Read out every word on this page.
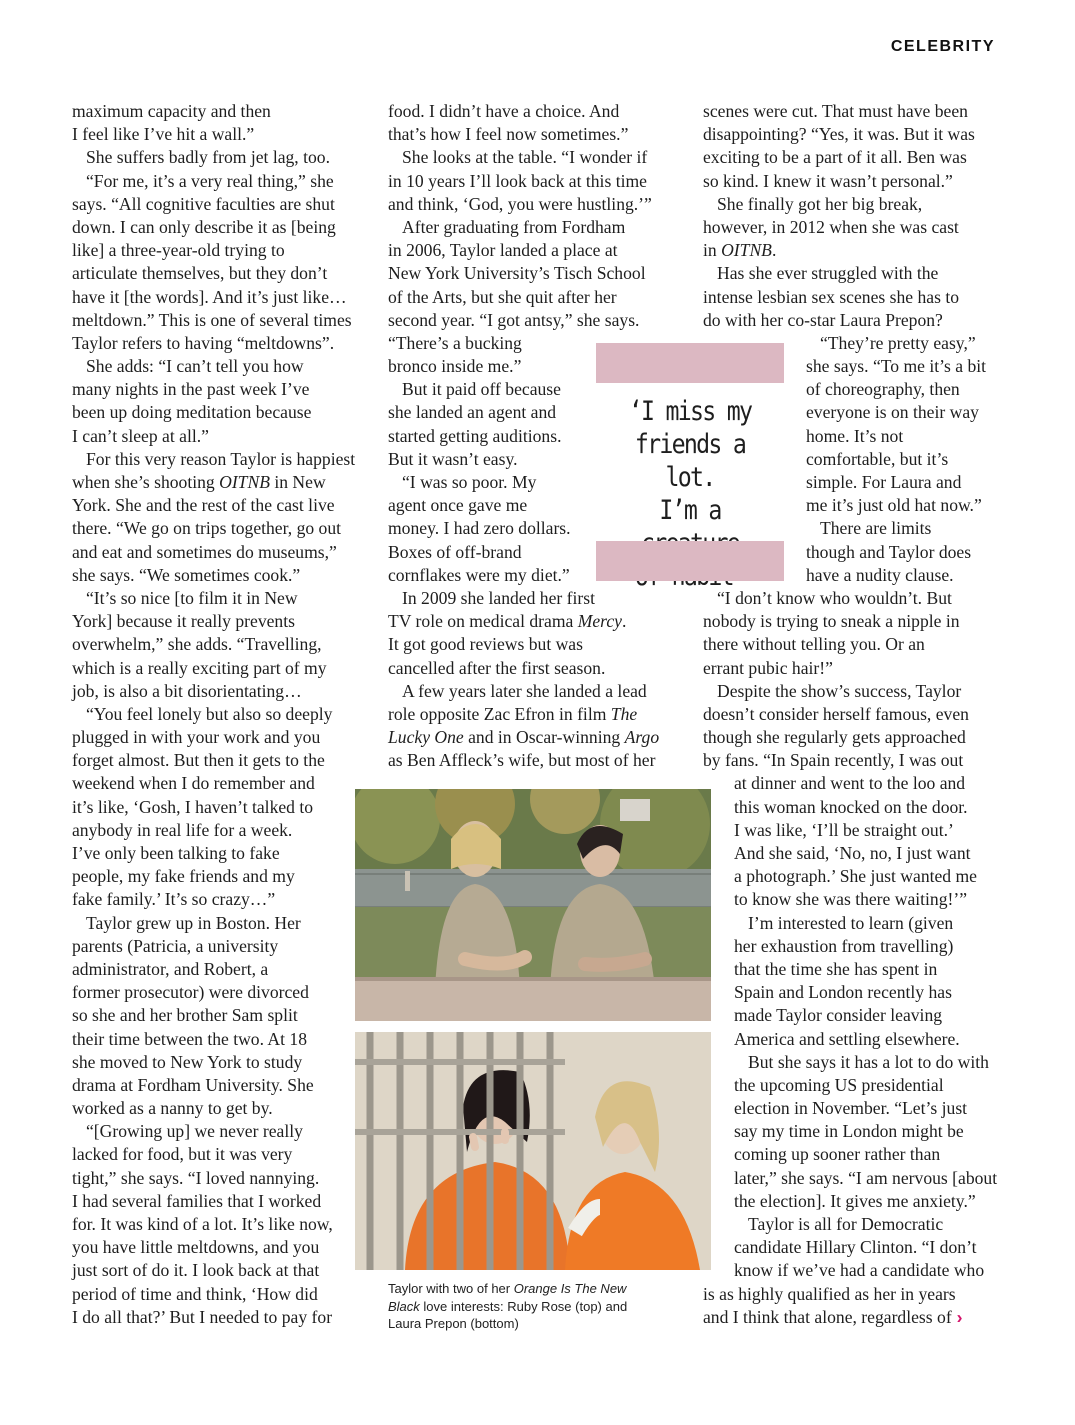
CELEBRITY
maximum capacity and then
I feel like I’ve hit a wall.”
She suffers badly from jet lag, too.
“For me, it’s a very real thing,” she
says. “All cognitive faculties are shut
down. I can only describe it as [being
like] a three-year-old trying to
articulate themselves, but they don’t
have it [the words]. And it’s just like…
meltdown.” This is one of several times
Taylor refers to having “meltdowns”.
She adds: “I can’t tell you how
many nights in the past week I’ve
been up doing meditation because
I can’t sleep at all.”
For this very reason Taylor is happiest
when she’s shooting OITNB in New
York. She and the rest of the cast live
there. “We go on trips together, go out
and eat and sometimes do museums,”
she says. “We sometimes cook.”
“It’s so nice [to film it in New
York] because it really prevents
overwhelm,” she adds. “Travelling,
which is a really exciting part of my
job, is also a bit disorientating…
“You feel lonely but also so deeply
plugged in with your work and you
forget almost. But then it gets to the
weekend when I do remember and
it’s like, ‘Gosh, I haven’t talked to
anybody in real life for a week.
I’ve only been talking to fake
people, my fake friends and my
fake family.’ It’s so crazy…”
Taylor grew up in Boston. Her
parents (Patricia, a university
administrator, and Robert, a
former prosecutor) were divorced
so she and her brother Sam split
their time between the two. At 18
she moved to New York to study
drama at Fordham University. She
worked as a nanny to get by.
“[Growing up] we never really
lacked for food, but it was very
tight,” she says. “I loved nannying.
I had several families that I worked
for. It was kind of a lot. It’s like now,
you have little meltdowns, and you
just sort of do it. I look back at that
period of time and think, ‘How did
I do all that?’ But I needed to pay for
food. I didn’t have a choice. And
that’s how I feel now sometimes.”
She looks at the table. “I wonder if
in 10 years I’ll look back at this time
and think, ‘God, you were hustling.’”
After graduating from Fordham
in 2006, Taylor landed a place at
New York University’s Tisch School
of the Arts, but she quit after her
second year. “I got antsy,” she says.
“There’s a bucking
bronco inside me.”
But it paid off because
she landed an agent and
started getting auditions.
But it wasn’t easy.
“I was so poor. My
agent once gave me
money. I had zero dollars.
Boxes of off-brand
cornflakes were my diet.”
In 2009 she landed her first
TV role on medical drama Mercy.
It got good reviews but was
cancelled after the first season.
A few years later she landed a lead
role opposite Zac Efron in film The
Lucky One and in Oscar-winning Argo
as Ben Affleck’s wife, but most of her
scenes were cut. That must have been
disappointing? “Yes, it was. But it was
exciting to be a part of it all. Ben was
so kind. I knew it wasn’t personal.”
She finally got her big break,
however, in 2012 when she was cast
in OITNB.
Has she ever struggled with the
intense lesbian sex scenes she has to
do with her co-star Laura Prepon?
“They’re pretty easy,”
she says. “To me it’s a bit
of choreography, then
everyone is on their way
home. It’s not
comfortable, but it’s
simple. For Laura and
me it’s just old hat now.”
There are limits
though and Taylor does
have a nudity clause.
“I don’t know who wouldn’t. But
nobody is trying to sneak a nipple in
there without telling you. Or an
errant pubic hair!”
Despite the show’s success, Taylor
doesn’t consider herself famous, even
though she regularly gets approached
by fans. “In Spain recently, I was out
at dinner and went to the loo and
this woman knocked on the door.
I was like, ‘I’ll be straight out.’
And she said, ‘No, no, I just want
a photograph.’ She just wanted me
to know she was there waiting!’”
I’m interested to learn (given
her exhaustion from travelling)
that the time she has spent in
Spain and London recently has
made Taylor consider leaving
America and settling elsewhere.
But she says it has a lot to do with
the upcoming US presidential
election in November. “Let’s just
say my time in London might be
coming up sooner rather than
later,” she says. “I am nervous [about
the election]. It gives me anxiety.”
Taylor is all for Democratic
candidate Hillary Clinton. “I don’t
know if we’ve had a candidate who
is as highly qualified as her in years
and I think that alone, regardless of ›
‘I miss my
friends a lot.
I’m a
Taylor with two of her Orange Is The New
Black love interests: Ruby Rose (top) and
Laura Prepon (bottom)
